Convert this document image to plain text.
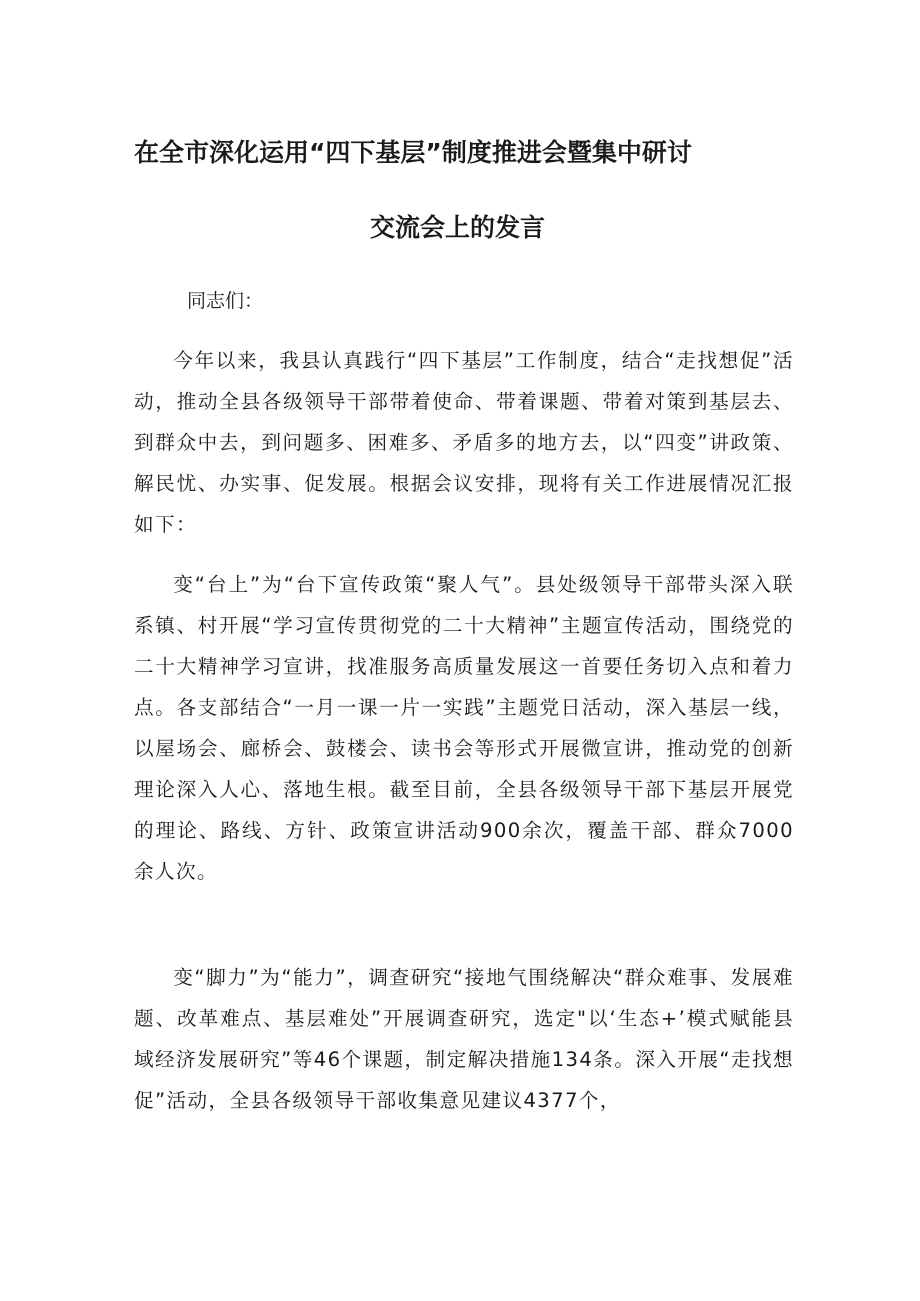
在全市深化运用“四下基层”制度推进会暨集中研讨
交流会上的发言

同志们：

今年以来，我县认真践行“四下基层”工作制度，结合“走找想促”活动，推动全县各级领导干部带着使命、带着课题、带着对策到基层去、到群众中去，到问题多、困难多、矛盾多的地方去，以“四变”讲政策、解民忧、办实事、促发展。根据会议安排，现将有关工作进展情况汇报如下：

变“台上”为“台下宣传政策“聚人气”。县处级领导干部带头深入联系镇、村开展“学习宣传贯彻党的二十大精神”主题宣传活动，围绕党的二十大精神学习宣讲，找准服务高质量发展这一首要任务切入点和着力点。各支部结合“一月一课一片一实践”主题党日活动，深入基层一线，以屋场会、廊桥会、鼓楼会、读书会等形式开展微宣讲，推动党的创新理论深入人心、落地生根。截至目前，全县各级领导干部下基层开展党的理论、路线、方针、政策宣讲活动900余次，覆盖干部、群众7000余人次。

变“脚力”为“能力”，调查研究“接地气围绕解决“群众难事、发展难题、改革难点、基层难处”开展调查研究，选定"以‘生态+’模式赋能县域经济发展研究”等46个课题，制定解决措施134条。深入开展“走找想促”活动，全县各级领导干部收集意见建议4377个，
